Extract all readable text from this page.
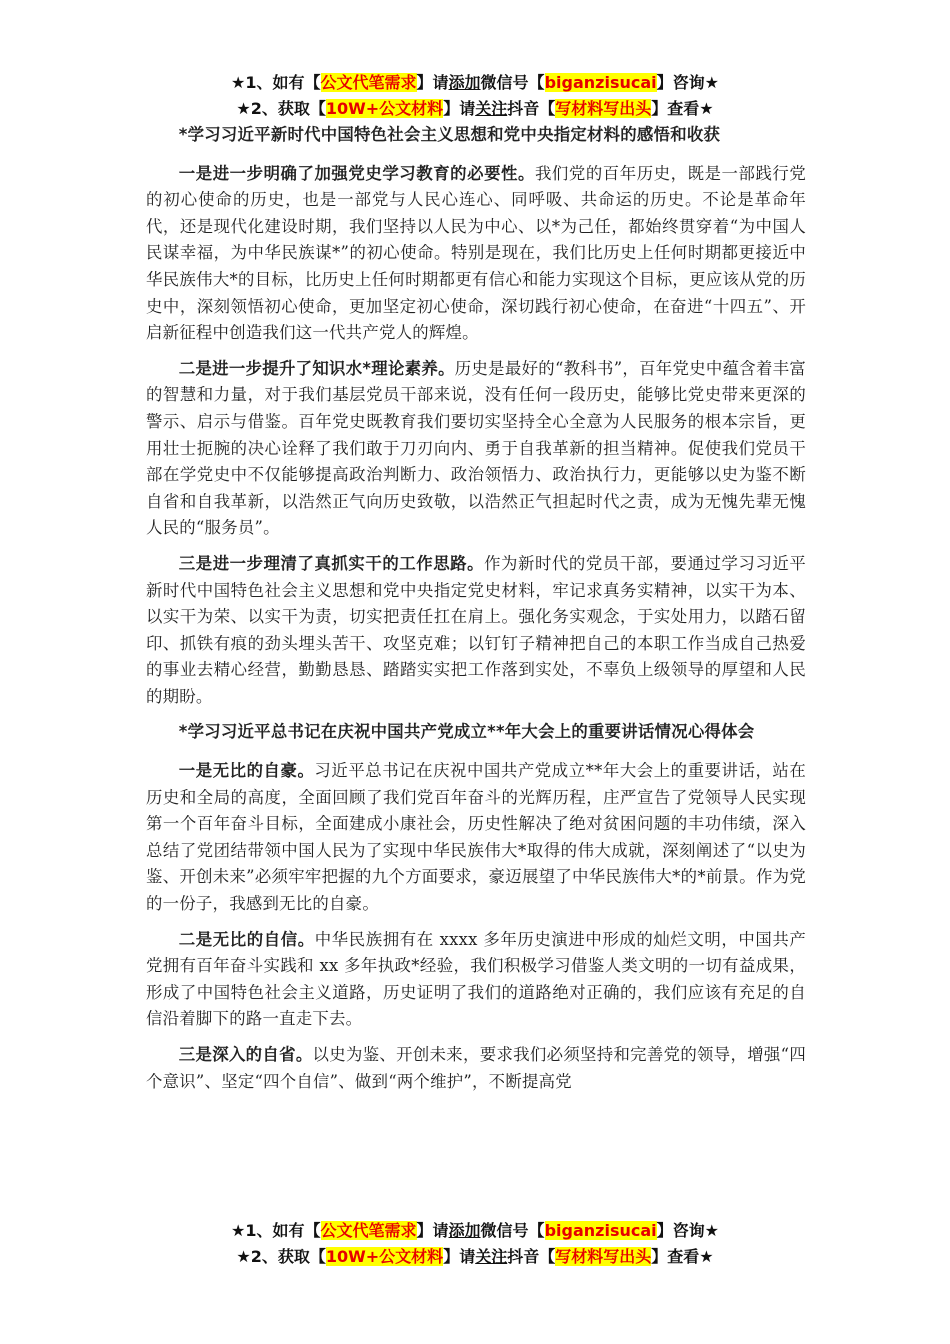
★1、如有【公文代笔需求】请添加微信号【biganzisucai】咨询★
★2、获取【10W+公文材料】请关注抖音【写材料写出头】查看★

*学习习近平新时代中国特色社会主义思想和党中央指定材料的感悟和收获

一是进一步明确了加强党史学习教育的必要性。我们党的百年历史，既是一部践行党的初心使命的历史，也是一部党与人民心连心、同呼吸、共命运的历史。不论是革命年代，还是现代化建设时期，我们坚持以人民为中心、以*为己任，都始终贯穿着“为中国人民谋幸福，为中华民族谋*”的初心使命。特别是现在，我们比历史上任何时期都更接近中华民族伟大*的目标，比历史上任何时期都更有信心和能力实现这个目标，更应该从党的历史中，深刻领悟初心使命，更加坚定初心使命，深切践行初心使命，在奋进“十四五”、开启新征程中创造我们这一代共产党人的辉煌。

二是进一步提升了知识水*理论素养。历史是最好的“教科书”，百年党史中蕴含着丰富的智慧和力量，对于我们基层党员干部来说，没有任何一段历史，能够比党史带来更深的警示、启示与借鉴。百年党史既教育我们要切实坚持全心全意为人民服务的根本宗旨，更用壮士扼腕的决心诠释了我们敢于刀刃向内、勇于自我革新的担当精神。促使我们党员干部在学党史中不仅能够提高政治判断力、政治领悟力、政治执行力，更能够以史为鉴不断自省和自我革新，以浩然正气向历史致敬，以浩然正气担起时代之责，成为无愧先辈无愧人民的“服务员”。

三是进一步理清了真抓实干的工作思路。作为新时代的党员干部，要通过学习习近平新时代中国特色社会主义思想和党中央指定党史材料，牢记求真务实精神，以实干为本、以实干为荣、以实干为责，切实把责任扛在肩上。强化务实观念，于实处用力，以踏石留印、抓铁有痕的劲头埋头苦干、攻坚克难；以钉钉子精神把自己的本职工作当成自己热爱的事业去精心经营，勤勤恳恳、踏踏实实把工作落到实处，不辜负上级领导的厚望和人民的期盼。

*学习习近平总书记在庆祝中国共产党成立**年大会上的重要讲话情况心得体会

一是无比的自豪。习近平总书记在庆祝中国共产党成立**年大会上的重要讲话，站在历史和全局的高度，全面回顾了我们党百年奋斗的光辉历程，庄严宣告了党领导人民实现第一个百年奋斗目标，全面建成小康社会，历史性解决了绝对贫困问题的丰功伟绩，深入总结了党团结带领中国人民为了实现中华民族伟大*取得的伟大成就，深刻阐述了“以史为鉴、开创未来”必须牢牢把握的九个方面要求，豪迈展望了中华民族伟大*的*前景。作为党的一份子，我感到无比的自豪。

二是无比的自信。中华民族拥有在 xxxx 多年历史演进中形成的灿烂文明，中国共产党拥有百年奋斗实践和 xx 多年执政*经验，我们积极学习借鉴人类文明的一切有益成果，形成了中国特色社会主义道路，历史证明了我们的道路绝对正确的，我们应该有充足的自信沿着脚下的路一直走下去。

三是深入的自省。以史为鉴、开创未来，要求我们必须坚持和完善党的领导，增强“四个意识”、坚定“四个自信”、做到“两个维护”，不断提高党

★1、如有【公文代笔需求】请添加微信号【biganzisucai】咨询★
★2、获取【10W+公文材料】请关注抖音【写材料写出头】查看★
